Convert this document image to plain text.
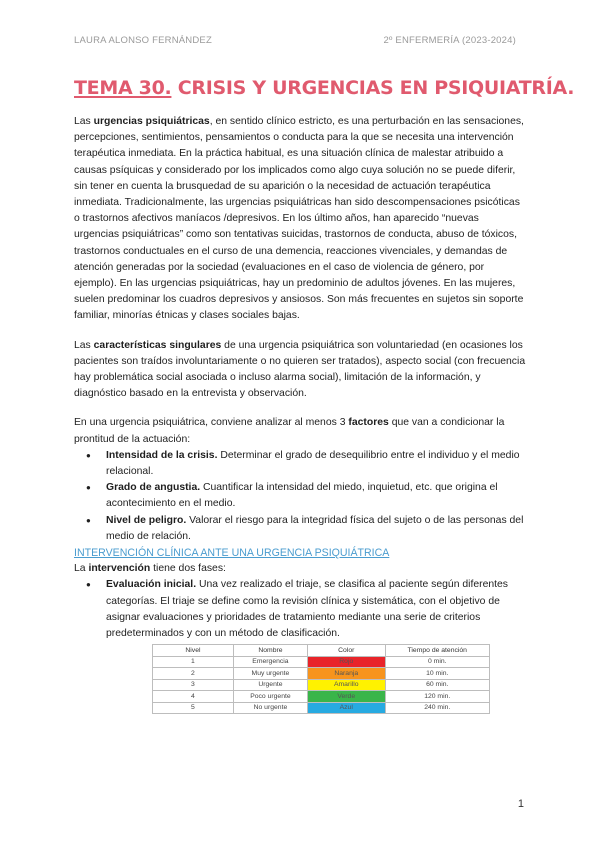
LAURA ALONSO FERNÁNDEZ	2º ENFERMERÍA (2023-2024)
TEMA 30. CRISIS Y URGENCIAS EN PSIQUIATRÍA.

Las urgencias psiquiátricas, en sentido clínico estricto, es una perturbación en las sensaciones, percepciones, sentimientos, pensamientos o conducta para la que se necesita una intervención terapéutica inmediata. En la práctica habitual, es una situación clínica de malestar atribuido a causas psíquicas y considerado por los implicados como algo cuya solución no se puede diferir, sin tener en cuenta la brusquedad de su aparición o la necesidad de actuación terapéutica inmediata. Tradicionalmente, las urgencias psiquiátricas han sido descompensaciones psicóticas o trastornos afectivos maníacos /depresivos. En los último años, han aparecido “nuevas urgencias psiquiátricas” como son tentativas suicidas, trastornos de conducta, abuso de tóxicos, trastornos conductuales en el curso de una demencia, reacciones vivenciales, y demandas de atención generadas por la sociedad (evaluaciones en el caso de violencia de género, por ejemplo). En las urgencias psiquiátricas, hay un predominio de adultos jóvenes. En las mujeres, suelen predominar los cuadros depresivos y ansiosos. Son más frecuentes en sujetos sin soporte familiar, minorías étnicas y clases sociales bajas.

Las características singulares de una urgencia psiquiátrica son voluntariedad (en ocasiones los pacientes son traídos involuntariamente o no quieren ser tratados), aspecto social (con frecuencia hay problemática social asociada o incluso alarma social), limitación de la información, y diagnóstico basado en la entrevista y observación.

En una urgencia psiquiátrica, conviene analizar al menos 3 factores que van a condicionar la prontitud de la actuación:

● Intensidad de la crisis. Determinar el grado de desequilibrio entre el individuo y el medio relacional.
● Grado de angustia. Cuantificar la intensidad del miedo, inquietud, etc. que origina el acontecimiento en el medio.
● Nivel de peligro. Valorar el riesgo para la integridad física del sujeto o de las personas del medio de relación.

INTERVENCIÓN CLÍNICA ANTE UNA URGENCIA PSIQUIÁTRICA

La intervención tiene dos fases:

● Evaluación inicial. Una vez realizado el triaje, se clasifica al paciente según diferentes categorías. El triaje se define como la revisión clínica y sistemática, con el objetivo de asignar evaluaciones y prioridades de tratamiento mediante una serie de criterios predeterminados y con un método de clasificación.
Nivel	Nombre	Color	Tiempo de atención
1	Emergencia	Rojo	0 min.
2	Muy urgente	Naranja	10 min.
3	Urgente	Amarillo	60 min.
4	Poco urgente	Verde	120 min.
5	No urgente	Azul	240 min.
1
